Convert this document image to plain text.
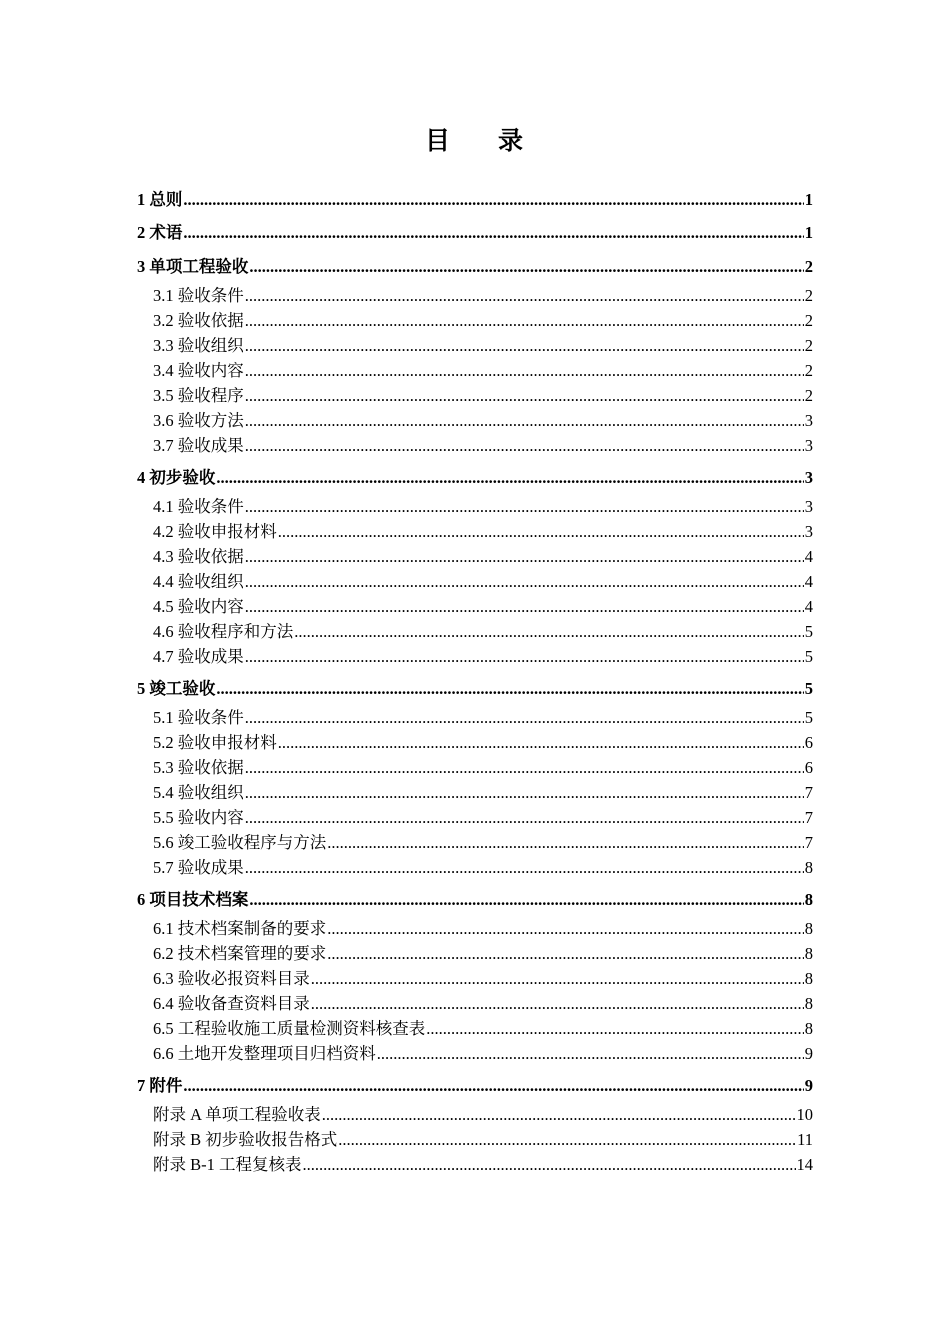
目 录
1 总则 .....	1
2 术语 .....	1
3 单项工程验收 .....	2
3.1 验收条件 .....	2
3.2 验收依据 .....	2
3.3 验收组织 .....	2
3.4 验收内容 .....	2
3.5 验收程序 .....	2
3.6 验收方法 .....	3
3.7 验收成果 .....	3
4 初步验收 .....	3
4.1 验收条件 .....	3
4.2 验收申报材料 .....	3
4.3 验收依据 .....	4
4.4 验收组织 .....	4
4.5 验收内容 .....	4
4.6 验收程序和方法 .....	5
4.7 验收成果 .....	5
5 竣工验收 .....	5
5.1 验收条件 .....	5
5.2 验收申报材料 .....	6
5.3 验收依据 .....	6
5.4 验收组织 .....	7
5.5 验收内容 .....	7
5.6 竣工验收程序与方法 .....	7
5.7 验收成果 .....	8
6 项目技术档案 .....	8
6.1 技术档案制备的要求 .....	8
6.2 技术档案管理的要求 .....	8
6.3 验收必报资料目录 .....	8
6.4 验收备查资料目录 .....	8
6.5 工程验收施工质量检测资料核查表 .....	8
6.6 土地开发整理项目归档资料 .....	9
7 附件 .....	9
附录 A 单项工程验收表 .....	10
附录 B 初步验收报告格式 .....	11
附录 B-1 工程复核表 .....	14
